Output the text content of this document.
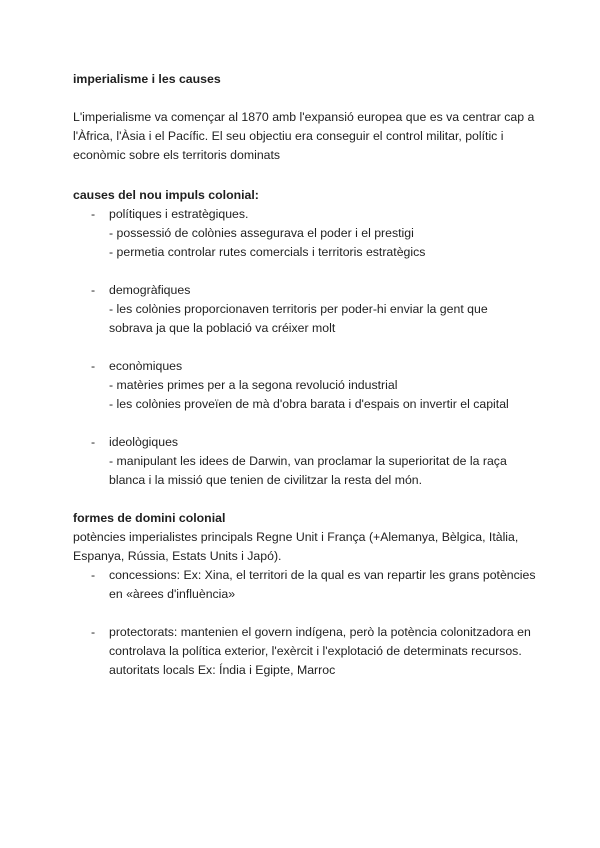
imperialisme i les causes
L'imperialisme va començar al 1870 amb l'expansió europea que es va centrar cap a
l'Àfrica, l'Àsia i el Pacífic. El seu objectiu era conseguir el control militar, polític i
econòmic sobre els territoris dominats
causes del nou impuls colonial:
- polítiques i estratègiques.
- possessió de colònies assegurava el poder i el prestigi
- permetia controlar rutes comercials i territoris estratègics
- demogràfiques
- les colònies proporcionaven territoris per poder-hi enviar la gent que
sobrava ja que la població va créixer molt
- econòmiques
- matèries primes per a la segona revolució industrial
- les colònies proveïen de mà d'obra barata i d'espais on invertir el capital
- ideològiques
- manipulant les idees de Darwin, van proclamar la superioritat de la raça
blanca i la missió que tenien de civilitzar la resta del món.
formes de domini colonial
potències imperialistes principals Regne Unit i França (+Alemanya, Bèlgica, Itàlia,
Espanya, Rússia, Estats Units i Japó).
- concessions: Ex: Xina, el territori de la qual es van repartir les grans potències
en «àrees d'influència»
- protectorats: mantenien el govern indígena, però la potència colonitzadora en
controlava la política exterior, l'exèrcit i l'explotació de determinats recursos.
autoritats locals Ex: Índia i Egipte, Marroc
